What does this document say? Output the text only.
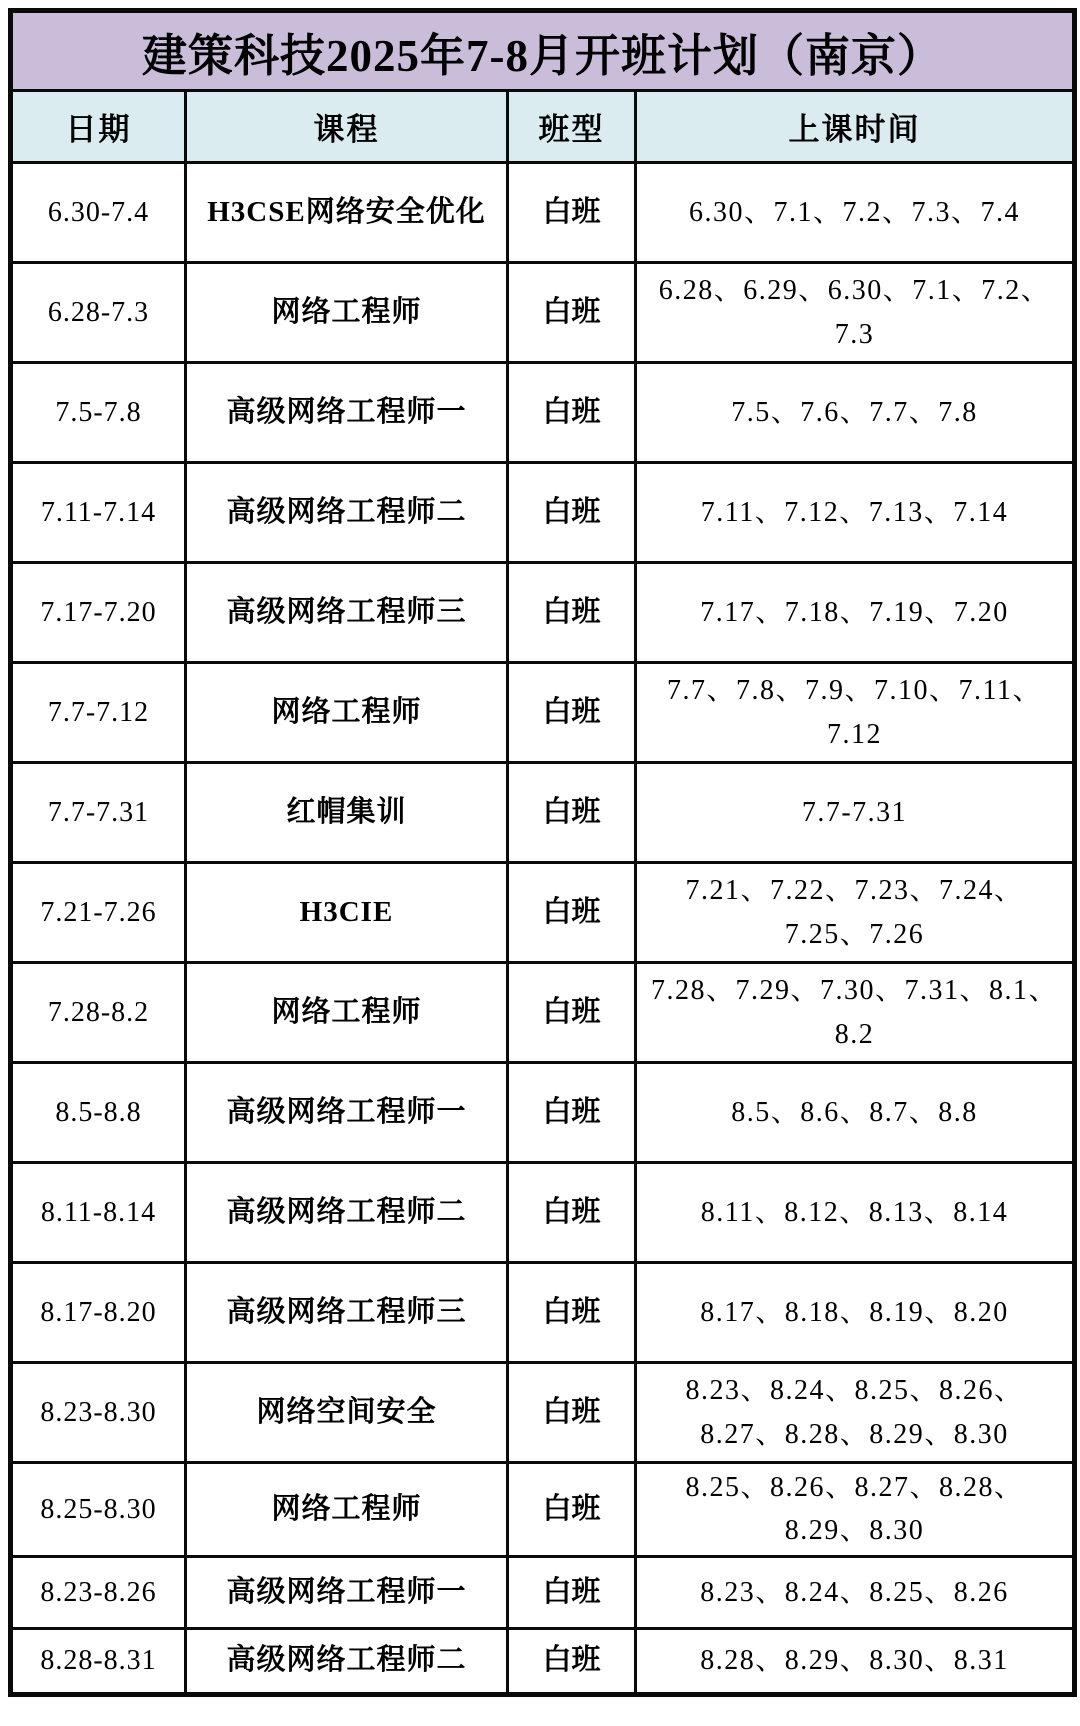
建策科技2025年7-8月开班计划（南京）			
日期	课程	班型	上课时间
6.30-7.4	H3CSE网络安全优化	白班	6.30、7.1、7.2、7.3、7.4
6.28-7.3	网络工程师	白班	6.28、6.29、6.30、7.1、7.2、7.3
7.5-7.8	高级网络工程师一	白班	7.5、7.6、7.7、7.8
7.11-7.14	高级网络工程师二	白班	7.11、7.12、7.13、7.14
7.17-7.20	高级网络工程师三	白班	7.17、7.18、7.19、7.20
7.7-7.12	网络工程师	白班	7.7、7.8、7.9、7.10、7.11、7.12
7.7-7.31	红帽集训	白班	7.7-7.31
7.21-7.26	H3CIE	白班	7.21、7.22、7.23、7.24、7.25、7.26
7.28-8.2	网络工程师	白班	7.28、7.29、7.30、7.31、8.1、8.2
8.5-8.8	高级网络工程师一	白班	8.5、8.6、8.7、8.8
8.11-8.14	高级网络工程师二	白班	8.11、8.12、8.13、8.14
8.17-8.20	高级网络工程师三	白班	8.17、8.18、8.19、8.20
8.23-8.30	网络空间安全	白班	8.23、8.24、8.25、8.26、8.27、8.28、8.29、8.30
8.25-8.30	网络工程师	白班	8.25、8.26、8.27、8.28、8.29、8.30
8.23-8.26	高级网络工程师一	白班	8.23、8.24、8.25、8.26
8.28-8.31	高级网络工程师二	白班	8.28、8.29、8.30、8.31
